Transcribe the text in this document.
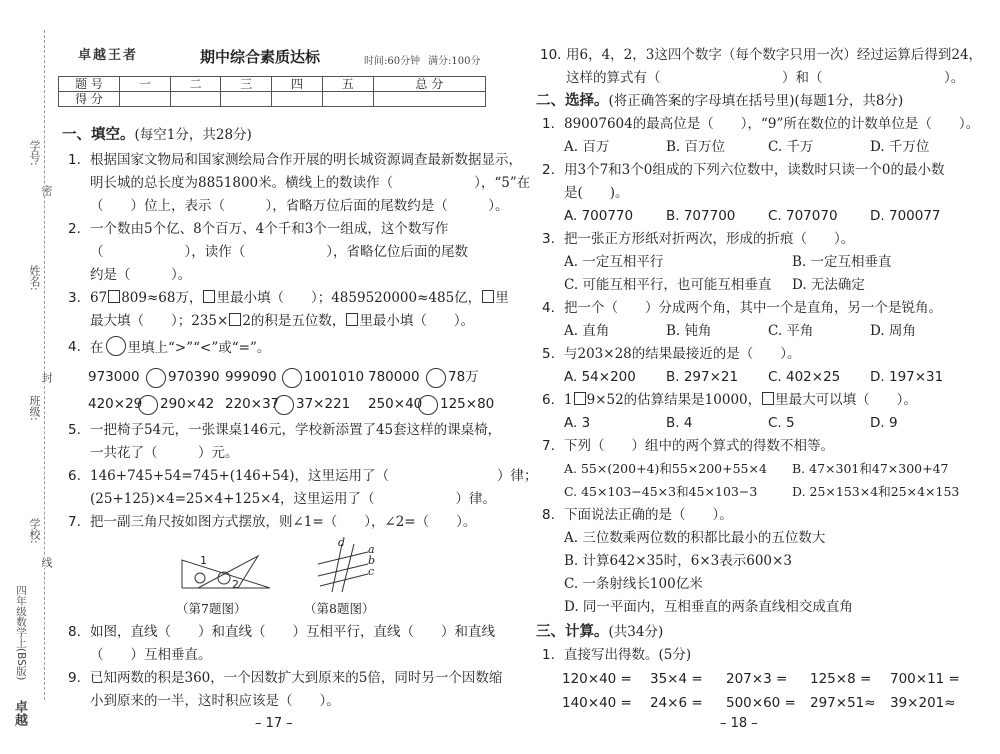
学号:
姓名:
班级:
学校:
密
封
线
四年级数学上(BS版)
卓越
卓越王者	期中综合素质达标	时间:60分钟 满分:100分
题 号	一	二	三	四	五	总 分
得 分						
一、填空。(每空1分，共28分)
1. 根据国家文物局和国家测绘局合作开展的明长城资源调查最新数据显示，
明长城的总长度为8851800米。横线上的数读作（　　　　　　），“5”在
（　　）位上，表示（　　　），省略万位后面的尾数约是（　　　）。
2. 一个数由5个亿、8个百万、4个千和3个一组成，这个数写作
（　　　　　　），读作（　　　　　　），省略亿位后面的尾数
约是（　　　）。
3. 67 809≈68万， 里最小填（　　）；4859520000≈485亿， 里
最大填（　　）；235× 2的积是五位数， 里最小填（　　）。
4. 在 里填上“>”“<”或“=”。
973000 970390 999090 1001010 780000 78万
420×29 290×42 220×37 37×221 250×40 125×80
5. 一把椅子54元，一张课桌146元，学校新添置了45套这样的课桌椅，
一共花了（　　　）元。
6. 146+745+54=745+(146+54)，这里运用了（　　　　　　　　）律；
(25+125)×4=25×4+125×4，这里运用了（　　　　　　）律。
7. 把一副三角尺按如图方式摆放，则∠1=（　　），∠2=（　　）。
1
2
（第7题图）
d
a
b
c
（第8题图）
8. 如图，直线（　　）和直线（　　）互相平行，直线（　　）和直线
（　　）互相垂直。
9. 已知两数的积是360，一个因数扩大到原来的5倍，同时另一个因数缩
小到原来的一半，这时积应该是（　　）。
– 17 –
10. 用6，4，2，3这四个数字（每个数字只用一次）经过运算后得到24，
这样的算式有（　　　　　　　　　）和（　　　　　　　　　）。
二、选择。(将正确答案的字母填在括号里)(每题1分，共8分)
1. 89007604的最高位是（　　），“9”所在数位的计数单位是（　　）。
A. 百万	B. 百万位	C. 千万	D. 千万位
2. 用3个7和3个0组成的下列六位数中，读数时只读一个0的最小数
是(　　)。
A. 700770 B. 707700 C. 707070 D. 700077
3. 把一张正方形纸对折两次，形成的折痕（　　）。
A. 一定互相平行	B. 一定互相垂直
C. 可能互相平行，也可能互相垂直 D. 无法确定
4. 把一个（　　）分成两个角，其中一个是直角，另一个是锐角。
A. 直角	B. 钝角	C. 平角	D. 周角
5. 与203×28的结果最接近的是（　　）。
A. 54×200 B. 297×21 C. 402×25 D. 197×31
6. 1 9×52的估算结果是10000， 里最大可以填（　　）。
A. 3	B. 4	C. 5	D. 9
7. 下列（　　）组中的两个算式的得数不相等。
A. 55×(200+4)和55×200+55×4 B. 47×301和47×300+47
C. 45×103−45×3和45×103−3	D. 25×153×4和25×4×153
8. 下面说法正确的是（　　）。
A. 三位数乘两位数的积都比最小的五位数大
B. 计算642×35时，6×3表示600×3
C. 一条射线长100亿米
D. 同一平面内，互相垂直的两条直线相交成直角
三、计算。(共34分)
1. 直接写出得数。(5分)
120×40 = 35×4 = 207×3 = 125×8 = 700×11 =
140×40 = 24×6 = 500×60 = 297×51≈ 39×201≈
– 18 –
